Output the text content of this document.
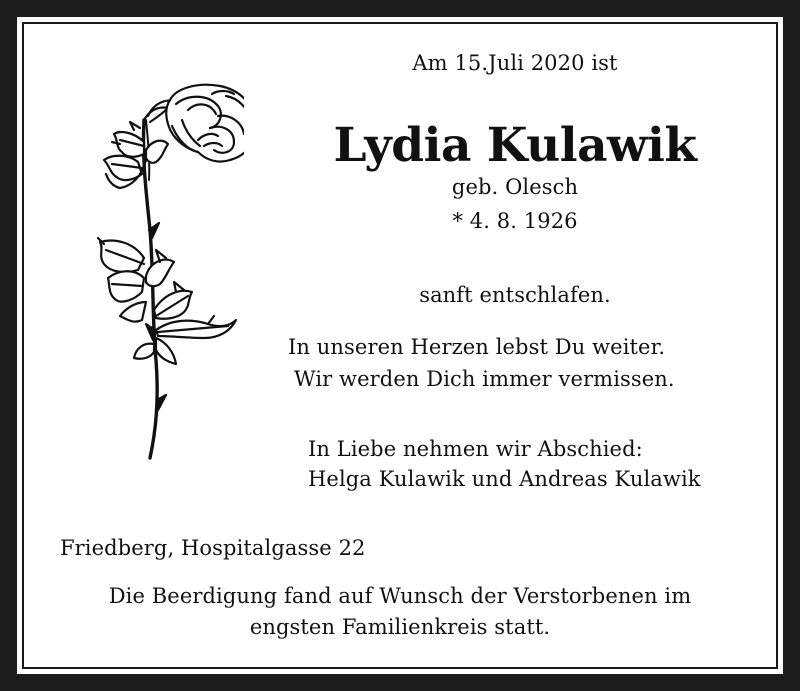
Am 15.Juli 2020 ist

Lydia Kulawik

geb. Olesch

* 4. 8. 1926

sanft entschlafen.

In unseren Herzen lebst Du weiter.

Wir werden Dich immer vermissen.

In Liebe nehmen wir Abschied:

Helga Kulawik und Andreas Kulawik

Friedberg, Hospitalgasse 22

Die Beerdigung fand auf Wunsch der Verstorbenen im
engsten Familienkreis statt.
